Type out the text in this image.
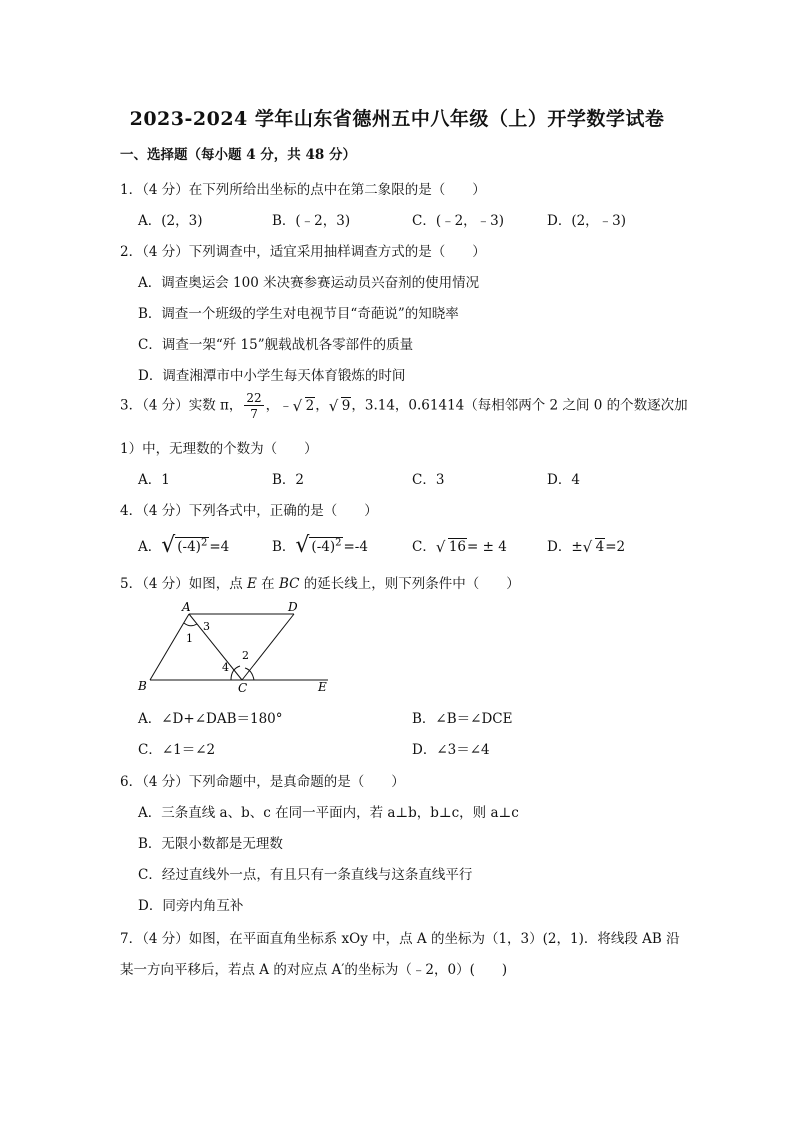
2023-2024 学年山东省德州五中八年级（上）开学数学试卷
一、选择题（每小题 4 分，共 48 分）
1．（4 分）在下列所给出坐标的点中在第二象限的是（　　）
A．(2，3)	B．(﹣2，3)	C．(﹣2，﹣3)	D．(2，﹣3)
2．（4 分）下列调查中，适宜采用抽样调查方式的是（　　）
A．调查奥运会 100 米决赛参赛运动员兴奋剂的使用情况
B．调查一个班级的学生对电视节目“奇葩说”的知晓率
C．调查一架“歼 15”舰载战机各零部件的质量
D．调查湘潭市中小学生每天体育锻炼的时间
3．（4 分）实数 π， $\frac{22}{7}$ ，﹣ √ 2， √ 9，3.14，0.61414（每相邻两个 2 之间 0 的个数逐次加
1）中，无理数的个数为（　　）
A．1	B．2	C．3	D．4
4．（4 分）下列各式中，正确的是（　　）
A． √ $(-4)^2 =4$	B． √ $(-4)^2 =-4$	C． √ 16= ± 4	D．± √ 4=2
5．（4 分）如图，点 E 在 BC 的延长线上，则下列条件中（　　）
A	D
B	C	E
1
3
2
4
A．∠D+∠DAB＝180°	B．∠B＝∠DCE
C．∠1＝∠2	D．∠3＝∠4
6．（4 分）下列命题中，是真命题的是（　　）
A．三条直线 a、b、c 在同一平面内，若 a⊥b，b⊥c，则 a⊥c
B．无限小数都是无理数
C．经过直线外一点，有且只有一条直线与这条直线平行
D．同旁内角互补
7．（4 分）如图，在平面直角坐标系 xOy 中，点 A 的坐标为（1，3）(2，1)．将线段 AB 沿
某一方向平移后，若点 A 的对应点 A′的坐标为（﹣2，0）(　　)
